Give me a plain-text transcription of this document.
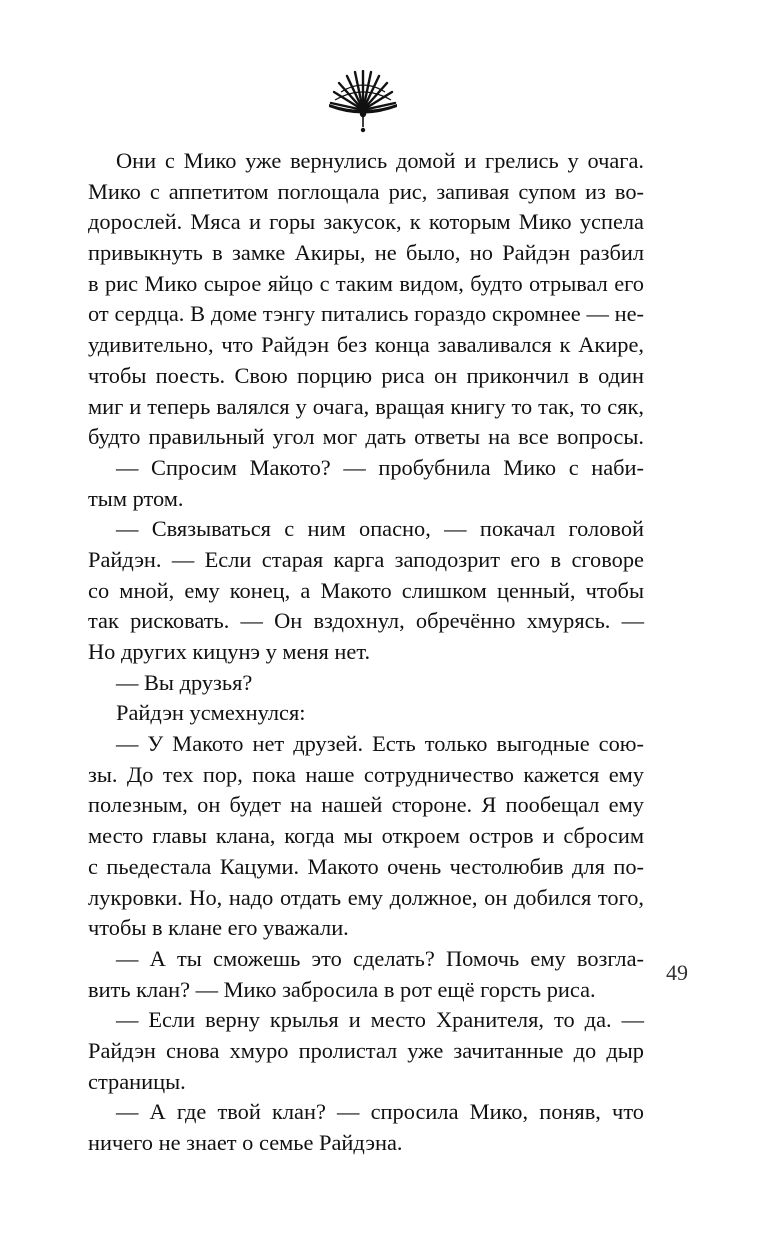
Они с Мико уже вернулись домой и грелись у очага.
Мико с аппетитом поглощала рис, запивая супом из во-
дорослей. Мяса и горы закусок, к которым Мико успела
привыкнуть в замке Акиры, не было, но Райдэн разбил
в рис Мико сырое яйцо с таким видом, будто отрывал его
от сердца. В доме тэнгу питались гораздо скромнее — не-
удивительно, что Райдэн без конца заваливался к Акире,
чтобы поесть. Свою порцию риса он прикончил в один
миг и теперь валялся у очага, вращая книгу то так, то сяк,
будто правильный угол мог дать ответы на все вопросы.
— Спросим Макото? — пробубнила Мико с наби-
тым ртом.
— Связываться с ним опасно, — покачал головой
Райдэн. — Если старая карга заподозрит его в сговоре
со мной, ему конец, а Макото слишком ценный, чтобы
так рисковать. — Он вздохнул, обречённо хмурясь. —
Но других кицунэ у меня нет.
— Вы друзья?
Райдэн усмехнулся:
— У Макото нет друзей. Есть только выгодные сою-
зы. До тех пор, пока наше сотрудничество кажется ему
полезным, он будет на нашей стороне. Я пообещал ему
место главы клана, когда мы откроем остров и сбросим
с пьедестала Кацуми. Макото очень честолюбив для по-
лукровки. Но, надо отдать ему должное, он добился того,
чтобы в клане его уважали.
— А ты сможешь это сделать? Помочь ему возгла-
вить клан? — Мико забросила в рот ещё горсть риса.
— Если верну крылья и место Хранителя, то да. —
Райдэн снова хмуро пролистал уже зачитанные до дыр
страницы.
— А где твой клан? — спросила Мико, поняв, что
ничего не знает о семье Райдэна.
49
